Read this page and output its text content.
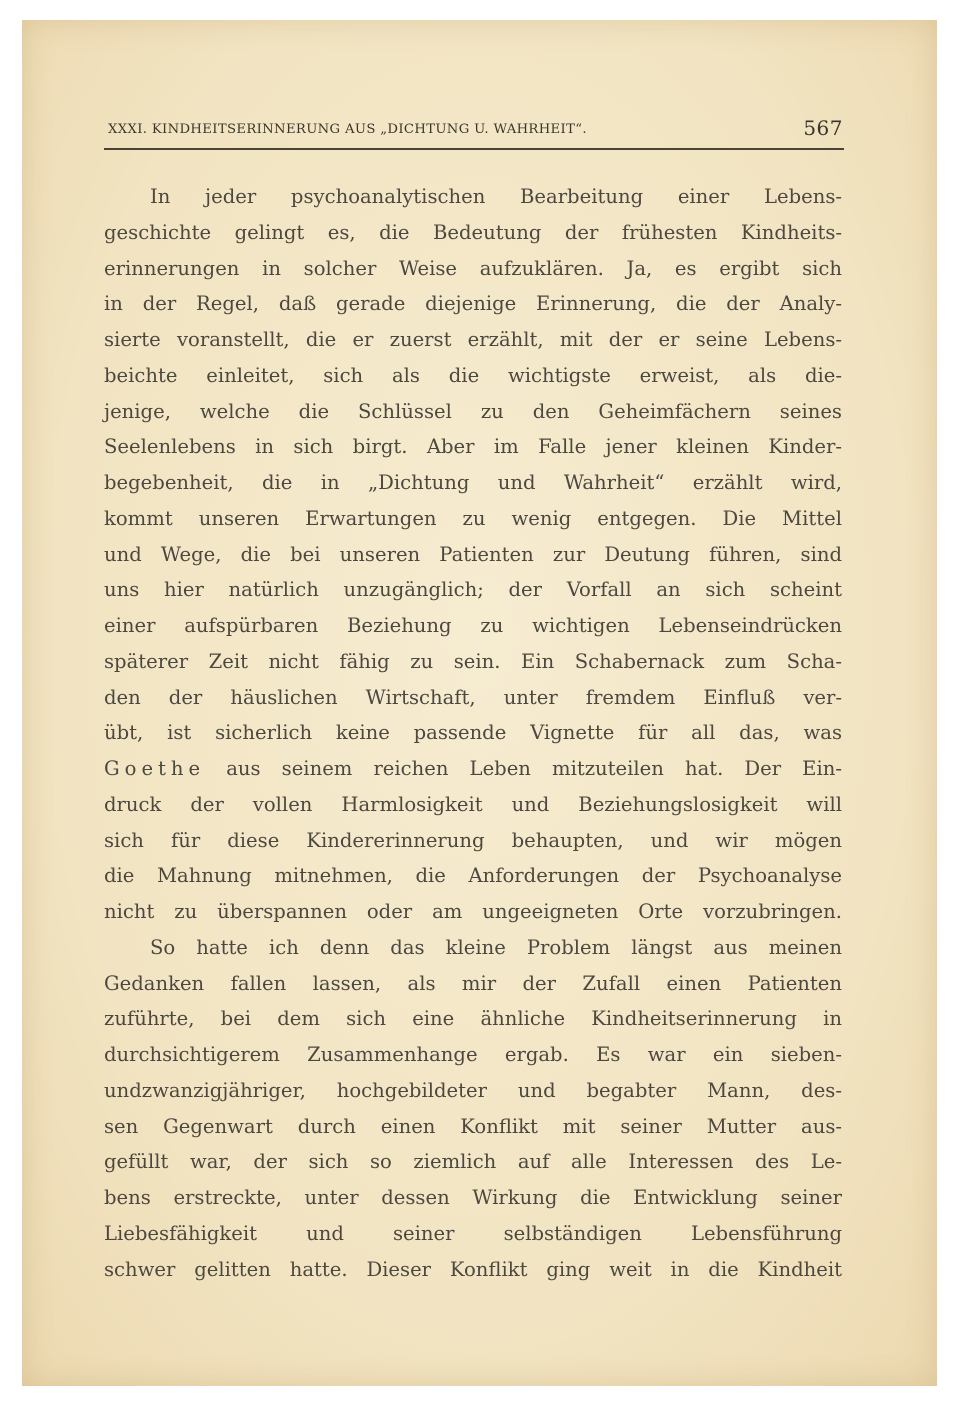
XXXI. KINDHEITSERINNERUNG AUS „DICHTUNG U. WAHRHEIT“.	567
In jeder psychoanalytischen Bearbeitung einer Lebens-
geschichte gelingt es, die Bedeutung der frühesten Kindheits-
erinnerungen in solcher Weise aufzuklären. Ja, es ergibt sich
in der Regel, daß gerade diejenige Erinnerung, die der Analy-
sierte voranstellt, die er zuerst erzählt, mit der er seine Lebens-
beichte einleitet, sich als die wichtigste erweist, als die-
jenige, welche die Schlüssel zu den Geheimfächern seines
Seelenlebens in sich birgt. Aber im Falle jener kleinen Kinder-
begebenheit, die in „Dichtung und Wahrheit“ erzählt wird,
kommt unseren Erwartungen zu wenig entgegen. Die Mittel
und Wege, die bei unseren Patienten zur Deutung führen, sind
uns hier natürlich unzugänglich; der Vorfall an sich scheint
einer aufspürbaren Beziehung zu wichtigen Lebenseindrücken
späterer Zeit nicht fähig zu sein. Ein Schabernack zum Scha-
den der häuslichen Wirtschaft, unter fremdem Einfluß ver-
übt, ist sicherlich keine passende Vignette für all das, was
Goethe aus seinem reichen Leben mitzuteilen hat. Der Ein-
druck der vollen Harmlosigkeit und Beziehungslosigkeit will
sich für diese Kindererinnerung behaupten, und wir mögen
die Mahnung mitnehmen, die Anforderungen der Psychoanalyse
nicht zu überspannen oder am ungeeigneten Orte vorzubringen.
So hatte ich denn das kleine Problem längst aus meinen
Gedanken fallen lassen, als mir der Zufall einen Patienten
zuführte, bei dem sich eine ähnliche Kindheitserinnerung in
durchsichtigerem Zusammenhange ergab. Es war ein sieben-
undzwanzigjähriger, hochgebildeter und begabter Mann, des-
sen Gegenwart durch einen Konflikt mit seiner Mutter aus-
gefüllt war, der sich so ziemlich auf alle Interessen des Le-
bens erstreckte, unter dessen Wirkung die Entwicklung seiner
Liebesfähigkeit und seiner selbständigen Lebensführung
schwer gelitten hatte. Dieser Konflikt ging weit in die Kindheit
